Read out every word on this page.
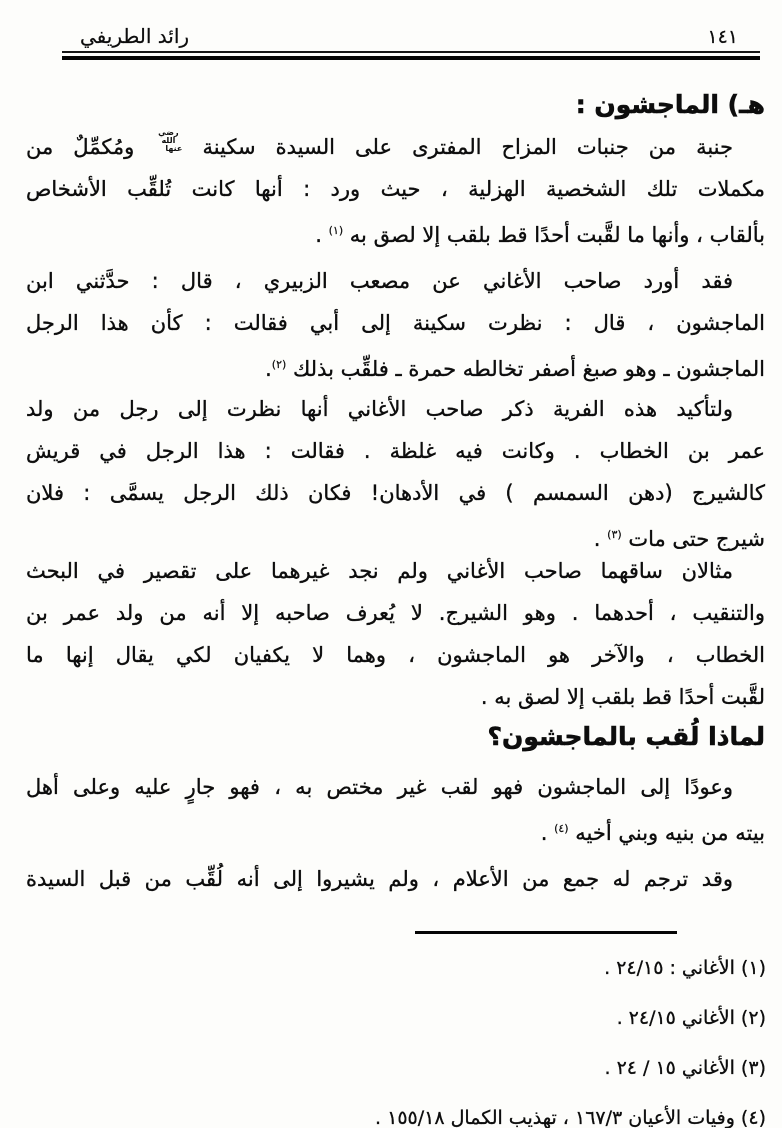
١٤١
رائد الطريفي
هـ) الماجشون :
جنبة من جنبات المزاح المفترى على السيدة سكينة رضي الله عنها ومُكمِّلٌ من
مكملات تلك الشخصية الهزلية ، حيث ورد : أنها كانت تُلقِّب الأشخاص
بألقاب ، وأنها ما لقَّبت أحدًا قط بلقب إلا لصق به $^{(١)}$ .
فقد أورد صاحب الأغاني عن مصعب الزبيري ، قال : حدَّثني ابن
الماجشون ، قال : نظرت سكينة إلى أبي فقالت : كأن هذا الرجل
الماجشون ـ وهو صبغ أصفر تخالطه حمرة ـ فلقِّب بذلك $^{(٢)}$.
ولتأكيد هذه الفرية ذكر صاحب الأغاني أنها نظرت إلى رجل من ولد
عمر بن الخطاب . وكانت فيه غلظة . فقالت : هذا الرجل في قريش
كالشيرج (دهن السمسم ) في الأدهان! فكان ذلك الرجل يسمَّى : فلان
شيرج حتى مات $^{(٣)}$ .
مثالان ساقهما صاحب الأغاني ولم نجد غيرهما على تقصير في البحث
والتنقيب ، أحدهما . وهو الشيرج. لا يُعرف صاحبه إلا أنه من ولد عمر بن
الخطاب ، والآخر هو الماجشون ، وهما لا يكفيان لكي يقال إنها ما
لقَّبت أحدًا قط بلقب إلا لصق به .
لماذا لُقب بالماجشون؟
وعودًا إلى الماجشون فهو لقب غير مختص به ، فهو جارٍ عليه وعلى أهل
بيته من بنيه وبني أخيه $^{(٤)}$ .
وقد ترجم له جمع من الأعلام ، ولم يشيروا إلى أنه لُقِّب من قبل السيدة
(١) الأغاني : ٢٤/١٥ .
(٢) الأغاني ٢٤/١٥ .
(٣) الأغاني ٢٤ / ١٥ .
(٤) وفيات الأعيان ١٦٧/٣ ، تهذيب الكمال ١٥٥/١٨ .
